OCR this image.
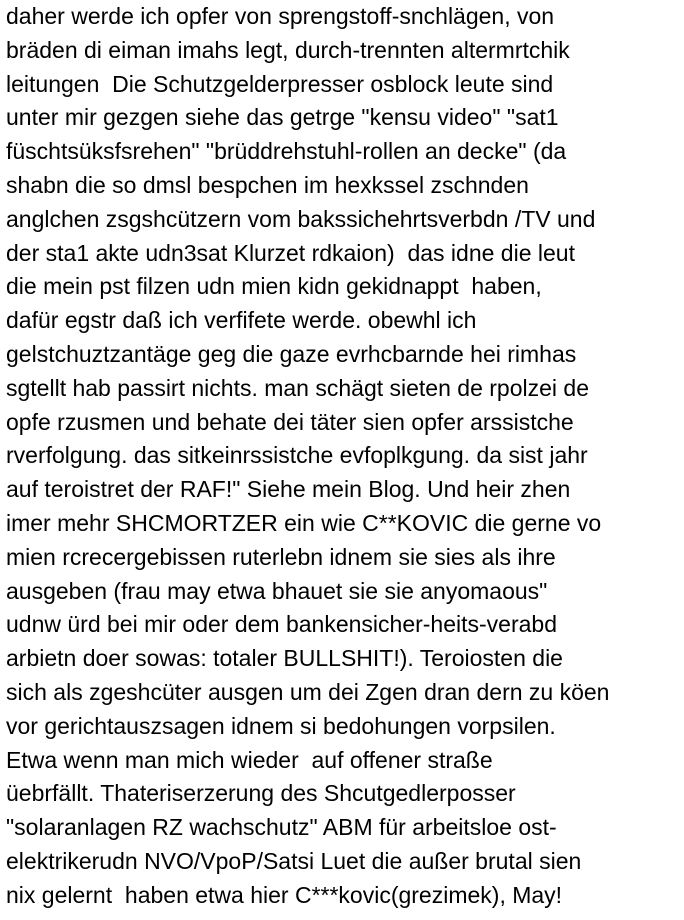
daher werde ich opfer von sprengstoff-snchlägen, von
bräden di eiman imahs legt, durch-trennten altermrtchik
leitungen  Die Schutzgelderpresser osblock leute sind
unter mir gezgen siehe das getrge "kensu video" "sat1
füschtsüksfsrehen" "brüddrehstuhl-rollen an decke" (da
shabn die so dmsl bespchen im hexkssel zschnden
anglchen zsgshcützern vom bakssichehrtsverbdn /TV und
der sta1 akte udn3sat Klurzet rdkaion)  das idne die leut
die mein pst filzen udn mien kidn gekidnappt  haben,
dafür egstr daß ich verfifete werde. obewhl ich
gelstchuztzantäge geg die gaze evrhcbarnde hei rimhas
sgtellt hab passirt nichts. man schägt sieten de rpolzei de
opfe rzusmen und behate dei täter sien opfer arssistche
rverfolgung. das sitkeinrssistche evfoplkgung. da sist jahr
auf teroistret der RAF!" Siehe mein Blog. Und heir zhen
imer mehr SHCMORTZER ein wie C**KOVIC die gerne vo
mien rcrecergebissen ruterlebn idnem sie sies als ihre
ausgeben (frau may etwa bhauet sie sie anyomaous"
udnw ürd bei mir oder dem bankensicher-heits-verabd
arbietn doer sowas: totaler BULLSHIT!). Teroiosten die
sich als zgeshcüter ausgen um dei Zgen dran dern zu köen
vor gerichtauszsagen idnem si bedohungen vorpsilen.
Etwa wenn man mich wieder  auf offener straße
üebrfällt. Thateriserzerung des Shcutgedlerposser
"solaranlagen RZ wachschutz" ABM für arbeitsloe ost-
elektrikerudn NVO/VpoP/Satsi Luet die außer brutal sien
nix gelernt  haben etwa hier C***kovic(grezimek), May!
